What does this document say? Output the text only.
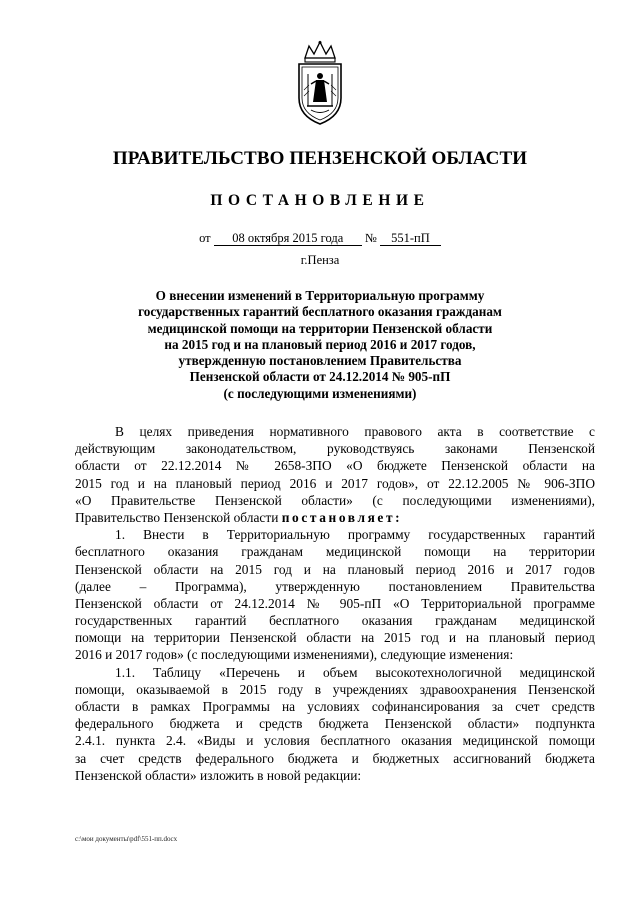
ПРАВИТЕЛЬСТВО ПЕНЗЕНСКОЙ ОБЛАСТИ
ПОСТАНОВЛЕНИЕ
от 08 октября 2015 года № 551-пП
г.Пенза
О внесении изменений в Территориальную программу
государственных гарантий бесплатного оказания гражданам
медицинской помощи на территории Пензенской области
на 2015 год и на плановый период 2016 и 2017 годов,
утвержденную постановлением Правительства
Пензенской области от 24.12.2014 № 905-пП
(с последующими изменениями)
В целях приведения нормативного правового акта в соответствие с
действующим законодательством, руководствуясь законами Пензенской
области от 22.12.2014 № 2658-ЗПО «О бюджете Пензенской области на
2015 год и на плановый период 2016 и 2017 годов», от 22.12.2005 № 906-ЗПО
«О Правительстве Пензенской области» (с последующими изменениями),
Правительство Пензенской области постановляет:
1. Внести в Территориальную программу государственных гарантий
бесплатного оказания гражданам медицинской помощи на территории
Пензенской области на 2015 год и на плановый период 2016 и 2017 годов
(далее – Программа), утвержденную постановлением Правительства
Пензенской области от 24.12.2014 № 905-пП «О Территориальной программе
государственных гарантий бесплатного оказания гражданам медицинской
помощи на территории Пензенской области на 2015 год и на плановый период
2016 и 2017 годов» (с последующими изменениями), следующие изменения:
1.1. Таблицу «Перечень и объем высокотехнологичной медицинской
помощи, оказываемой в 2015 году в учреждениях здравоохранения Пензенской
области в рамках Программы на условиях софинансирования за счет средств
федерального бюджета и средств бюджета Пензенской области» подпункта
2.4.1. пункта 2.4. «Виды и условия бесплатного оказания медицинской помощи
за счет средств федерального бюджета и бюджетных ассигнований бюджета
Пензенской области» изложить в новой редакции:
c:\мои документы\pdf\551-пп.docx
